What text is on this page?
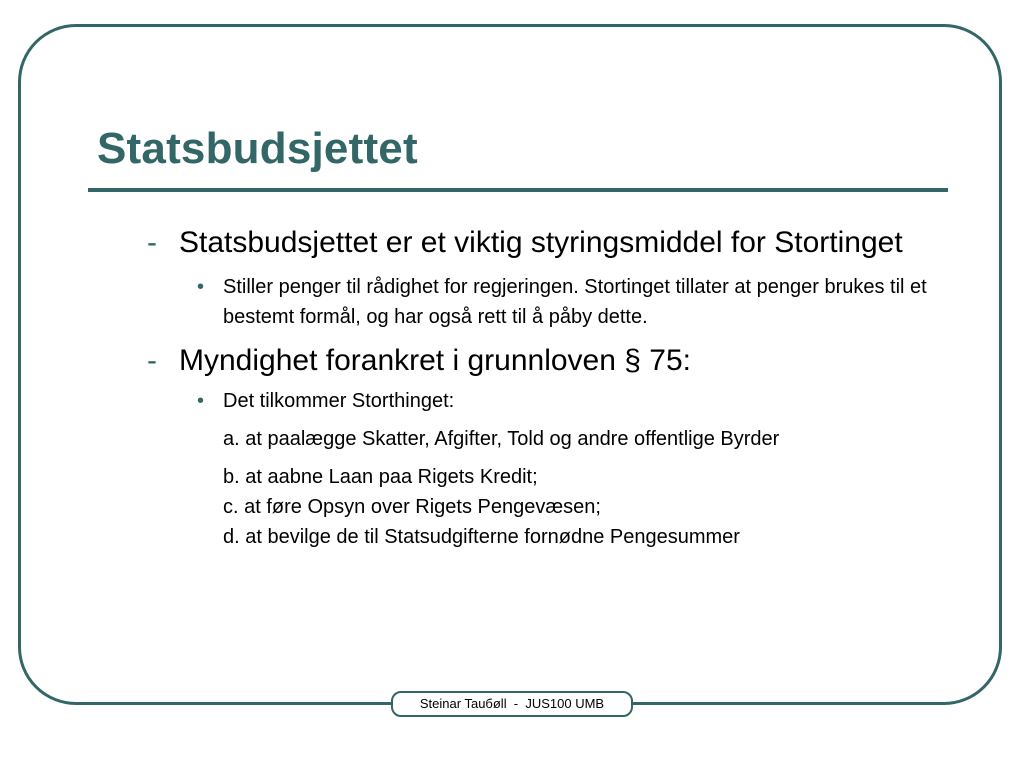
Statsbudsjettet
- Statsbudsjettet er et viktig styringsmiddel for Stortinget
• Stiller penger til rådighet for regjeringen. Stortinget tillater at penger brukes til et bestemt formål, og har også rett til å påby dette.
- Myndighet forankret i grunnloven § 75:
• Det tilkommer Storthinget:
a. at paalægge Skatter, Afgifter, Told og andre offentlige Byrder
b. at aabne Laan paa Rigets Kredit;
c. at føre Opsyn over Rigets Pengevæsen;
d. at bevilge de til Statsudgifterne fornødne Pengesummer
Steinar Tauбøll  -  JUS100 UMB
